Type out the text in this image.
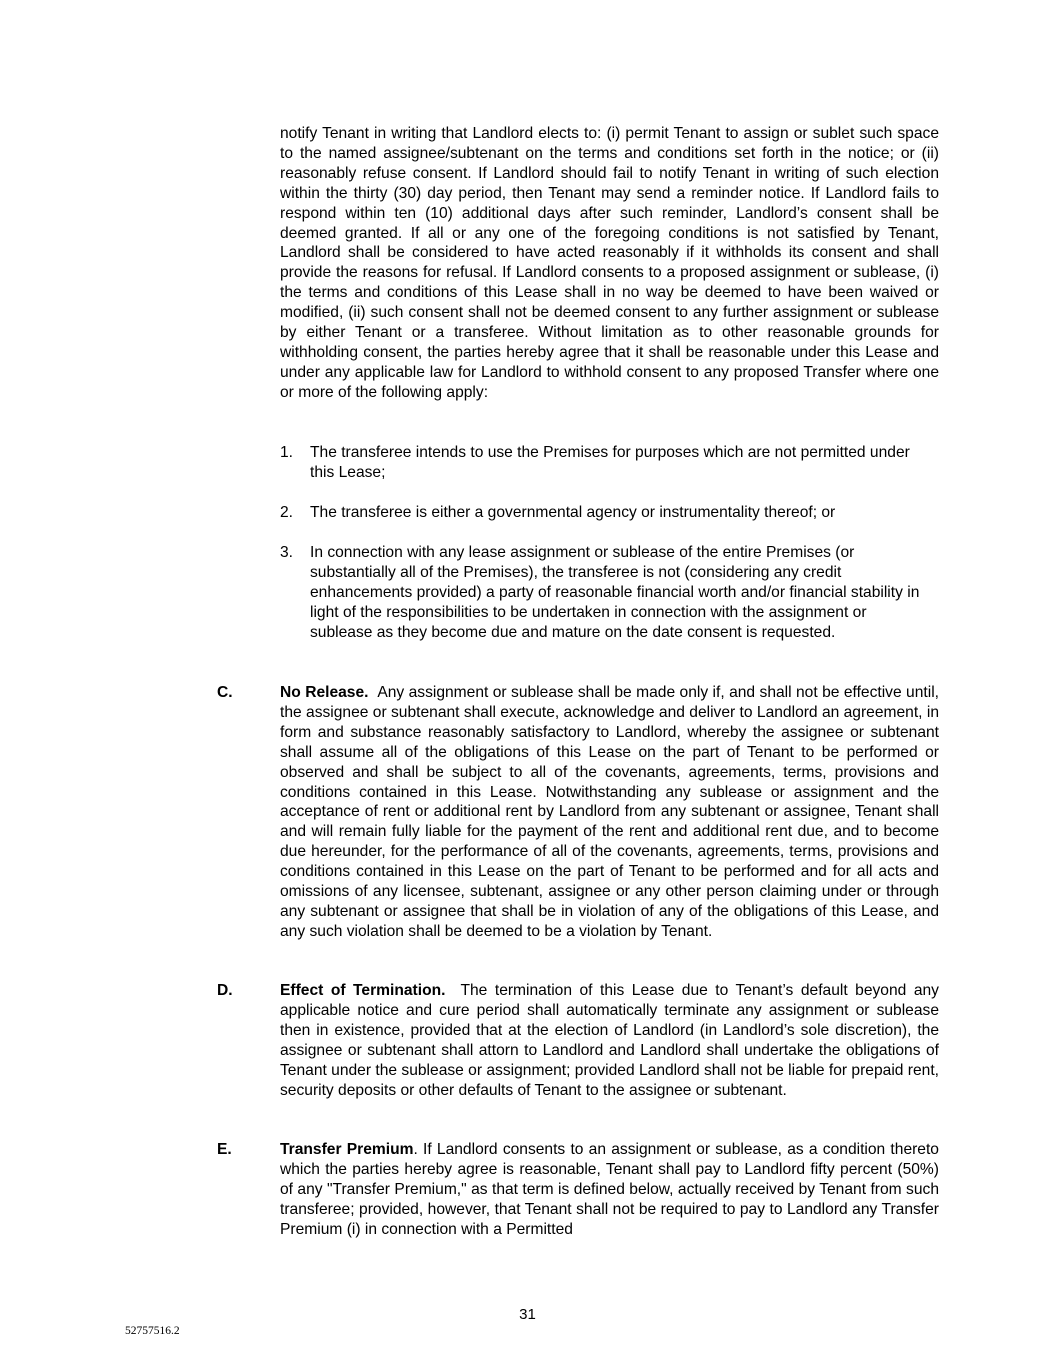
notify Tenant in writing that Landlord elects to: (i) permit Tenant to assign or sublet such space to the named assignee/subtenant on the terms and conditions set forth in the notice; or (ii) reasonably refuse consent. If Landlord should fail to notify Tenant in writing of such election within the thirty (30) day period, then Tenant may send a reminder notice. If Landlord fails to respond within ten (10) additional days after such reminder, Landlord’s consent shall be deemed granted. If all or any one of the foregoing conditions is not satisfied by Tenant, Landlord shall be considered to have acted reasonably if it withholds its consent and shall provide the reasons for refusal. If Landlord consents to a proposed assignment or sublease, (i) the terms and conditions of this Lease shall in no way be deemed to have been waived or modified, (ii) such consent shall not be deemed consent to any further assignment or sublease by either Tenant or a transferee. Without limitation as to other reasonable grounds for withholding consent, the parties hereby agree that it shall be reasonable under this Lease and under any applicable law for Landlord to withhold consent to any proposed Transfer where one or more of the following apply:

1. The transferee intends to use the Premises for purposes which are not permitted under this Lease;

2. The transferee is either a governmental agency or instrumentality thereof; or

3. In connection with any lease assignment or sublease of the entire Premises (or substantially all of the Premises), the transferee is not (considering any credit enhancements provided) a party of reasonable financial worth and/or financial stability in light of the responsibilities to be undertaken in connection with the assignment or sublease as they become due and mature on the date consent is requested.

C.	No Release. Any assignment or sublease shall be made only if, and shall not be effective until, the assignee or subtenant shall execute, acknowledge and deliver to Landlord an agreement, in form and substance reasonably satisfactory to Landlord, whereby the assignee or subtenant shall assume all of the obligations of this Lease on the part of Tenant to be performed or observed and shall be subject to all of the covenants, agreements, terms, provisions and conditions contained in this Lease. Notwithstanding any sublease or assignment and the acceptance of rent or additional rent by Landlord from any subtenant or assignee, Tenant shall and will remain fully liable for the payment of the rent and additional rent due, and to become due hereunder, for the performance of all of the covenants, agreements, terms, provisions and conditions contained in this Lease on the part of Tenant to be performed and for all acts and omissions of any licensee, subtenant, assignee or any other person claiming under or through any subtenant or assignee that shall be in violation of any of the obligations of this Lease, and any such violation shall be deemed to be a violation by Tenant.

D.	Effect of Termination. The termination of this Lease due to Tenant’s default beyond any applicable notice and cure period shall automatically terminate any assignment or sublease then in existence, provided that at the election of Landlord (in Landlord’s sole discretion), the assignee or subtenant shall attorn to Landlord and Landlord shall undertake the obligations of Tenant under the sublease or assignment; provided Landlord shall not be liable for prepaid rent, security deposits or other defaults of Tenant to the assignee or subtenant.

E.	Transfer Premium. If Landlord consents to an assignment or sublease, as a condition thereto which the parties hereby agree is reasonable, Tenant shall pay to Landlord fifty percent (50%) of any "Transfer Premium," as that term is defined below, actually received by Tenant from such transferee; provided, however, that Tenant shall not be required to pay to Landlord any Transfer Premium (i) in connection with a Permitted

31
52757516.2
